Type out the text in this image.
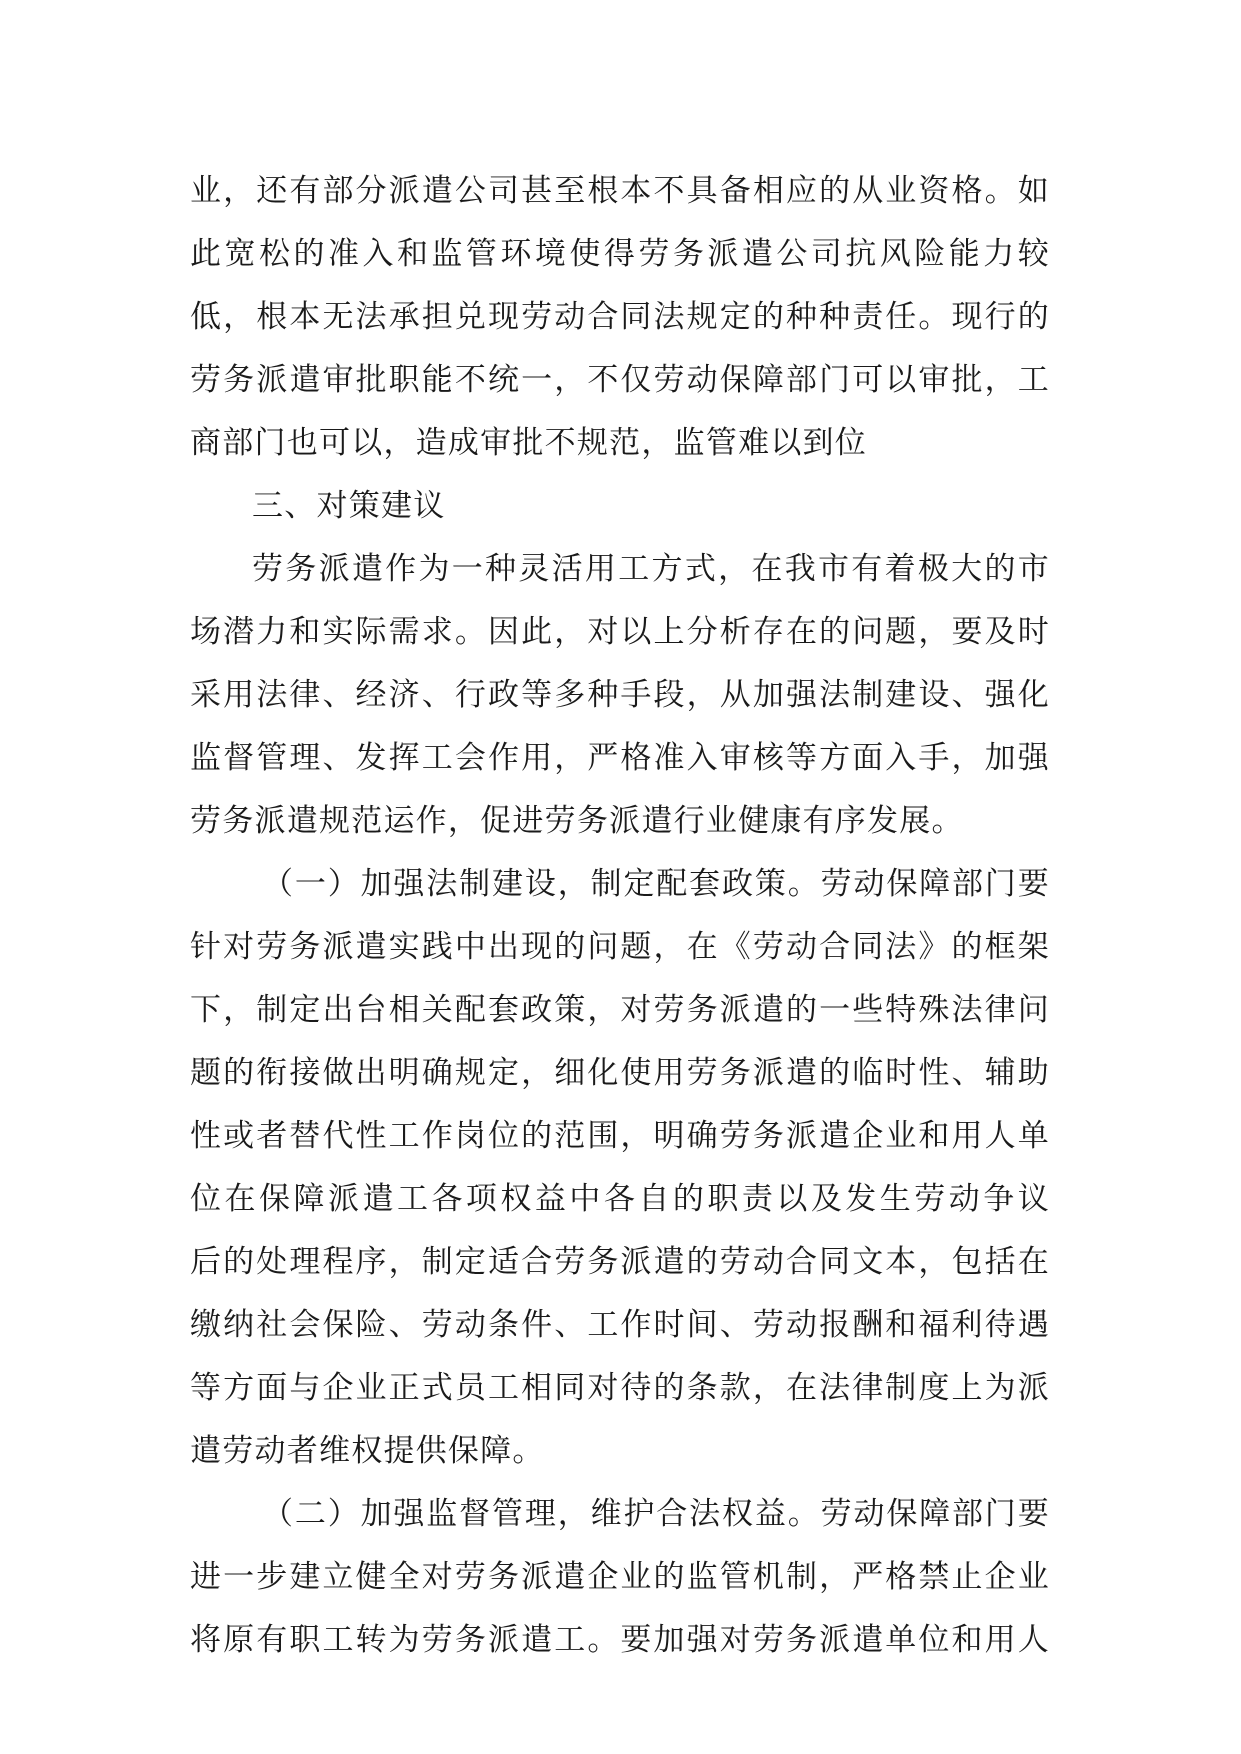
业，还有部分派遣公司甚至根本不具备相应的从业资格。如
此宽松的准入和监管环境使得劳务派遣公司抗风险能力较
低，根本无法承担兑现劳动合同法规定的种种责任。现行的
劳务派遣审批职能不统一，不仅劳动保障部门可以审批，工
商部门也可以，造成审批不规范，监管难以到位
三、对策建议
劳务派遣作为一种灵活用工方式，在我市有着极大的市
场潜力和实际需求。因此，对以上分析存在的问题，要及时
采用法律、经济、行政等多种手段，从加强法制建设、强化
监督管理、发挥工会作用，严格准入审核等方面入手，加强
劳务派遣规范运作，促进劳务派遣行业健康有序发展。
（一）加强法制建设，制定配套政策。劳动保障部门要
针对劳务派遣实践中出现的问题，在《劳动合同法》的框架
下，制定出台相关配套政策，对劳务派遣的一些特殊法律问
题的衔接做出明确规定，细化使用劳务派遣的临时性、辅助
性或者替代性工作岗位的范围，明确劳务派遣企业和用人单
位在保障派遣工各项权益中各自的职责以及发生劳动争议
后的处理程序，制定适合劳务派遣的劳动合同文本，包括在
缴纳社会保险、劳动条件、工作时间、劳动报酬和福利待遇
等方面与企业正式员工相同对待的条款，在法律制度上为派
遣劳动者维权提供保障。
（二）加强监督管理，维护合法权益。劳动保障部门要
进一步建立健全对劳务派遣企业的监管机制，严格禁止企业
将原有职工转为劳务派遣工。要加强对劳务派遣单位和用人
